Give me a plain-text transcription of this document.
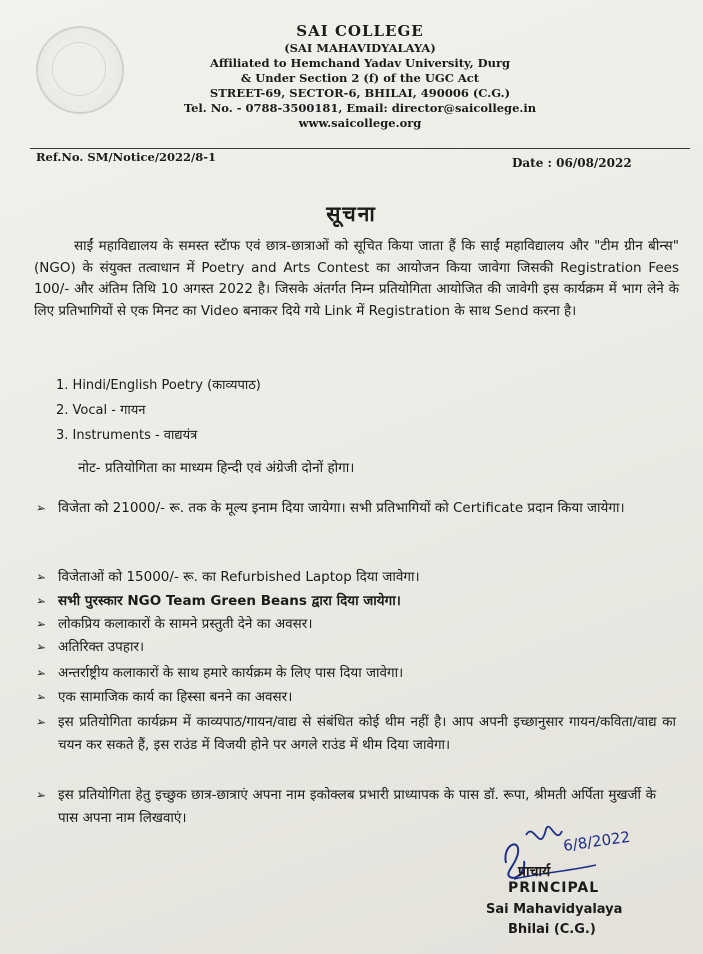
SAI COLLEGE
(SAI MAHAVIDYALAYA)
Affiliated to Hemchand Yadav University, Durg
& Under Section 2 (f) of the UGC Act
STREET-69, SECTOR-6, BHILAI, 490006 (C.G.)
Tel. No. - 0788-3500181, Email: director@saicollege.in
www.saicollege.org
Ref.No. SM/Notice/2022/8-1	Date : 06/08/2022
सूचना
साईं महाविद्यालय के समस्त स्टॅाफ एवं छात्र-छात्राओं को सूचित किया जाता हैं कि साईं महाविद्यालय और "टीम ग्रीन बीन्स" (NGO) के संयुक्त तत्वाधान में Poetry and Arts Contest का आयोजन किया जावेगा जिसकी Registration Fees 100/- और अंतिम तिथि 10 अगस्त 2022 है। जिसके अंतर्गत निम्न प्रतियोगिता आयोजित की जावेगी इस कार्यक्रम में भाग लेने के लिए प्रतिभागियों से एक मिनट का Video बनाकर दिये गये Link में Registration के साथ Send करना है।
1. Hindi/English Poetry (काव्यपाठ)
2. Vocal - गायन
3. Instruments - वाद्ययंत्र
नोट- प्रतियोगिता का माध्यम हिन्दी एवं अंग्रेजी दोनों होगा।
➢ विजेता को 21000/- रू. तक के मूल्य इनाम दिया जायेगा। सभी प्रतिभागियों को Certificate प्रदान किया जायेगा।
➢ विजेताओं को 15000/- रू. का Refurbished Laptop दिया जावेगा।
➢ सभी पुरस्कार NGO Team Green Beans द्वारा दिया जायेगा।
➢ लोकप्रिय कलाकारों के सामने प्रस्तुती देने का अवसर।
➢ अतिरिक्त उपहार।
➢ अन्तर्राष्ट्रीय कलाकारों के साथ हमारे कार्यक्रम के लिए पास दिया जावेगा।
➢ एक सामाजिक कार्य का हिस्सा बनने का अवसर।
➢ इस प्रतियोगिता कार्यक्रम में काव्यपाठ/गायन/वाद्य से संबंधित कोई थीम नहीं है। आप अपनी इच्छानुसार गायन/कविता/वाद्य का चयन कर सकते हैं, इस राउंड में विजयी होने पर अगले राउंड में थीम दिया जावेगा।
➢ इस प्रतियोगिता हेतु इच्छुक छात्र-छात्राएं अपना नाम इकोक्लब प्रभारी प्राध्यापक के पास डॉ. रूपा, श्रीमती अर्पिता मुखर्जी के पास अपना नाम लिखवाएं।
6/8/2022
प्राचार्य
PRINCIPAL
Sai Mahavidyalaya
Bhilai (C.G.)
